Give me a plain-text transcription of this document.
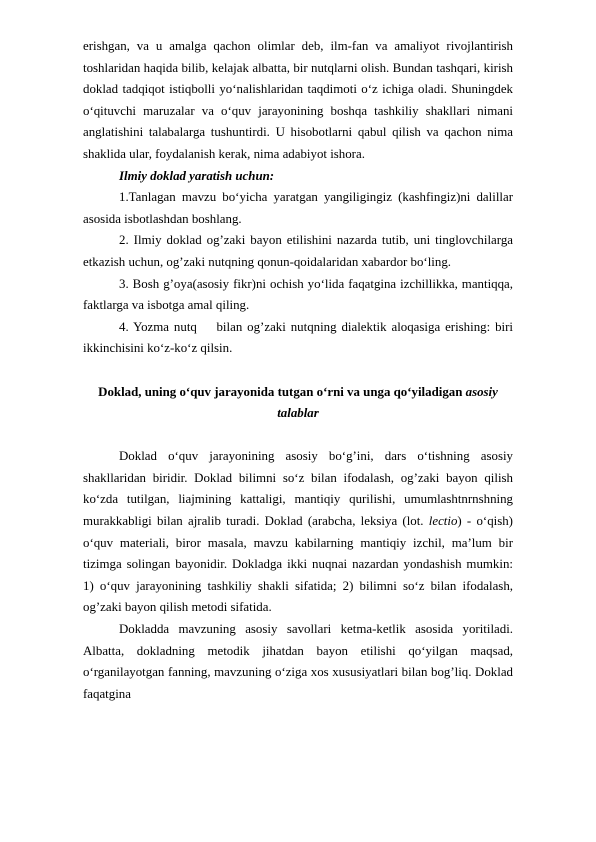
erishgan, va u amalga qachon olimlar deb, ilm-fan va amaliyot rivojlantirish toshlaridan haqida bilib, kelajak albatta, bir nutqlarni olish. Bundan tashqari, kirish doklad tadqiqot istiqbolli yo‘nalishlaridan taqdimoti o‘z ichiga oladi. Shuningdek o‘qituvchi maruzalar va o‘quv jarayonining boshqa tashkiliy shakllari nimani anglatishini talabalarga tushuntirdi. U hisobotlarni qabul qilish va qachon nima shaklida ular, foydalanish kerak, nima adabiyot ishora.

Ilmiy doklad yaratish uchun:

1.Tanlagan mavzu bo‘yicha yaratgan yangiligingiz (kashfingiz)ni dalillar asosida isbotlashdan boshlang.

2. Ilmiy doklad og’zaki bayon etilishini nazarda tutib, uni tinglovchilarga etkazish uchun, og’zaki nutqning qonun-qoidalaridan xabardor bo‘ling.

3. Bosh g’oya(asosiy fikr)ni ochish yo‘lida faqatgina izchillikka, mantiqqa, faktlarga va isbotga amal qiling.

4. Yozma nutq    bilan og’zaki nutqning dialektik aloqasiga erishing: biri ikkinchisini ko‘z-ko‘z qilsin.

Doklad, uning o‘quv jarayonida tutgan o‘rni va unga qo‘yiladigan asosiy
talablar

Doklad o‘quv jarayonining asosiy bo‘g’ini, dars o‘tishning asosiy shakllaridan biridir. Doklad bilimni so‘z bilan ifodalash, og’zaki bayon qilish ko‘zda tutilgan, liajmining kattaligi, mantiqiy qurilishi, umumlashtnrnshning murakkabligi bilan ajralib turadi. Doklad (arabcha, leksiya (lot. lectio) - o‘qish) o‘quv materiali, biror masala, mavzu kabilarning mantiqiy izchil, ma’lum bir tizimga solingan bayonidir. Dokladga ikki nuqnai nazardan yondashish mumkin: 1) o‘quv jarayonining tashkiliy shakli sifatida; 2) bilimni so‘z bilan ifodalash, og’zaki bayon qilish metodi sifatida.

Dokladda mavzuning asosiy savollari ketma-ketlik asosida yoritiladi. Albatta, dokladning metodik jihatdan bayon etilishi qo‘yilgan maqsad, o‘rganilayotgan fanning, mavzuning o‘ziga xos xususiyatlari bilan bog’liq. Doklad faqatgina
